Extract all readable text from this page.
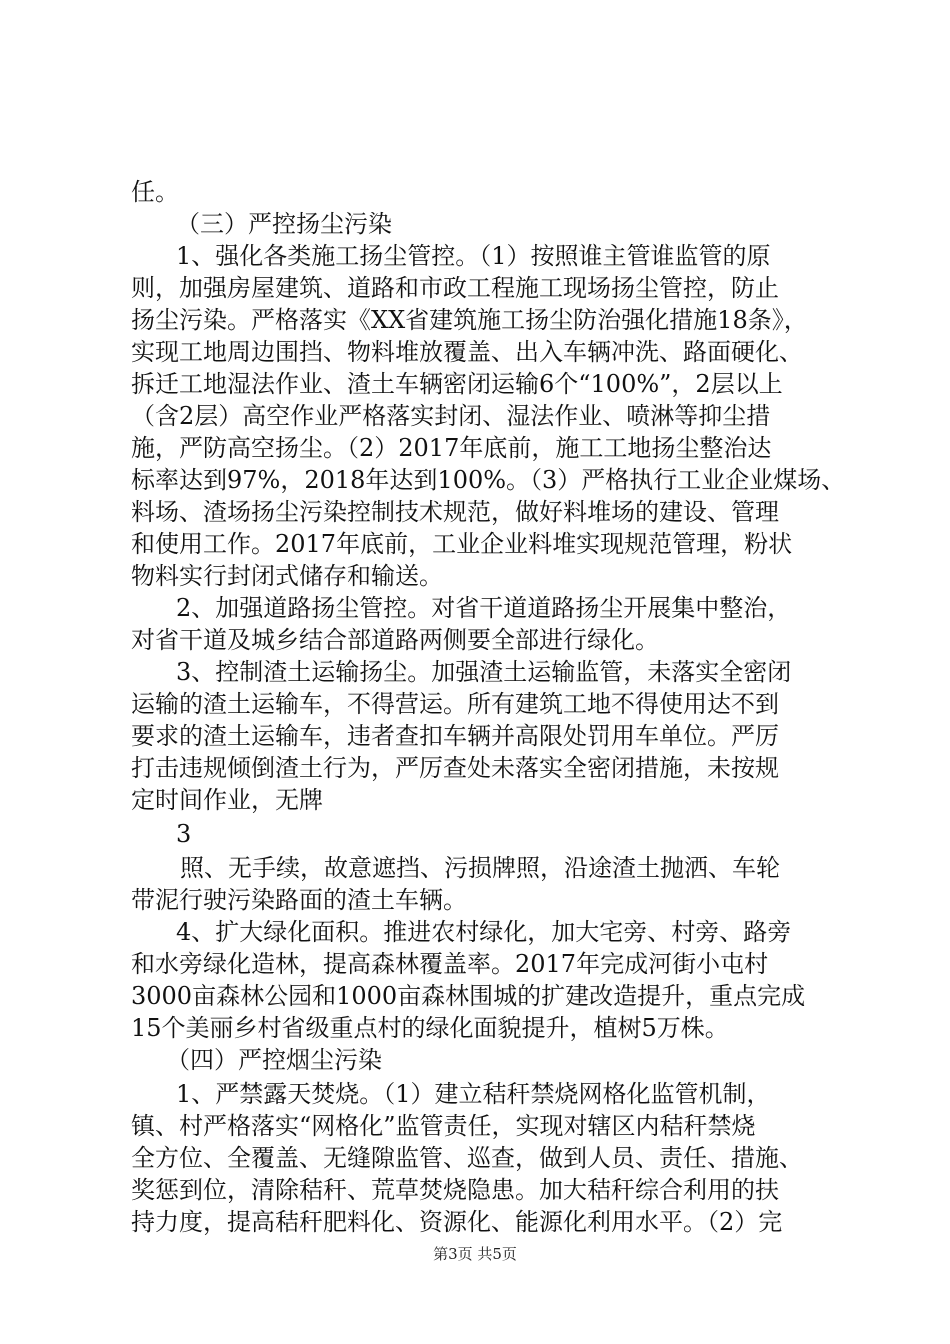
任。
（三）严控扬尘污染
1、强化各类施工扬尘管控。（1）按照谁主管谁监管的原
则，加强房屋建筑、道路和市政工程施工现场扬尘管控，防止
扬尘污染。严格落实《XX省建筑施工扬尘防治强化措施18条》，
实现工地周边围挡、物料堆放覆盖、出入车辆冲洗、路面硬化、
拆迁工地湿法作业、渣土车辆密闭运输6个“100%”，2层以上
（含2层）高空作业严格落实封闭、湿法作业、喷淋等抑尘措
施，严防高空扬尘。（2）2017年底前，施工工地扬尘整治达
标率达到97%，2018年达到100%。（3）严格执行工业企业煤场、
料场、渣场扬尘污染控制技术规范，做好料堆场的建设、管理
和使用工作。2017年底前，工业企业料堆实现规范管理，粉状
物料实行封闭式储存和输送。
2、加强道路扬尘管控。对省干道道路扬尘开展集中整治，
对省干道及城乡结合部道路两侧要全部进行绿化。
3、控制渣土运输扬尘。加强渣土运输监管，未落实全密闭
运输的渣土运输车，不得营运。所有建筑工地不得使用达不到
要求的渣土运输车，违者查扣车辆并高限处罚用车单位。严厉
打击违规倾倒渣土行为，严厉查处未落实全密闭措施，未按规
定时间作业，无牌
3
照、无手续，故意遮挡、污损牌照，沿途渣土抛洒、车轮
带泥行驶污染路面的渣土车辆。
4、扩大绿化面积。推进农村绿化，加大宅旁、村旁、路旁
和水旁绿化造林，提高森林覆盖率。2017年完成河街小屯村
3000亩森林公园和1000亩森林围城的扩建改造提升，重点完成
15个美丽乡村省级重点村的绿化面貌提升，植树5万株。
（四）严控烟尘污染
1、严禁露天焚烧。（1）建立秸秆禁烧网格化监管机制，
镇、村严格落实“网格化”监管责任，实现对辖区内秸秆禁烧
全方位、全覆盖、无缝隙监管、巡查，做到人员、责任、措施、
奖惩到位，清除秸秆、荒草焚烧隐患。加大秸秆综合利用的扶
持力度，提高秸秆肥料化、资源化、能源化利用水平。（2）完
第3页 共5页
